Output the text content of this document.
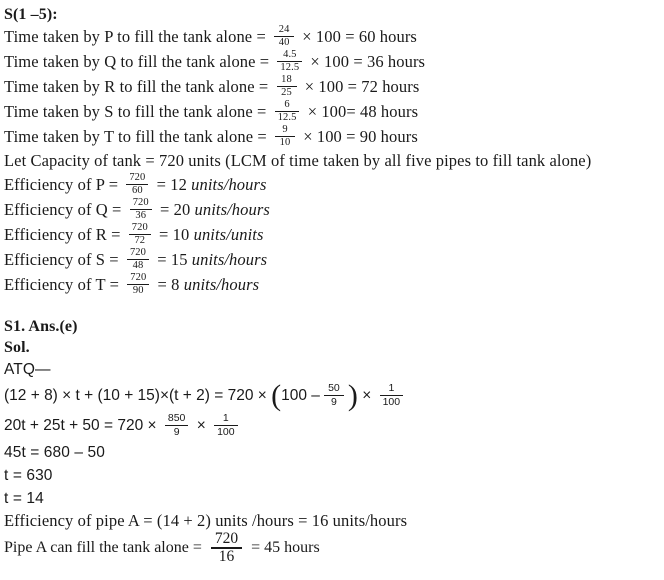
S(1 –5):
Time taken by P to fill the tank alone = $\frac{24}{40} \times 100 = 60$ hours
Time taken by Q to fill the tank alone = $\frac{4.5}{12.5} \times 100 = 36$ hours
Time taken by R to fill the tank alone = $\frac{18}{25} \times 100 = 72$ hours
Time taken by S to fill the tank alone = $\frac{6}{12.5} \times 100= 48$ hours
Time taken by T to fill the tank alone = $\frac{9}{10} \times 100 = 90$ hours
Let Capacity of tank = 720 units (LCM of time taken by all five pipes to fill tank alone)
Efficiency of $P = \frac{720}{60} = 12$ units/hours
Efficiency of $Q = \frac{720}{36} = 20$ units/hours
Efficiency of $R = \frac{720}{72} = 10$ units/units
Efficiency of $S = \frac{720}{48} = 15$ units/hours
Efficiency of $T = \frac{720}{90} = 8$ units/hours
S1. Ans.(e)
Sol.
ATQ—
(12 + 8) × t + (10 + 15)×(t + 2) = 720 × ( $100 - \frac{50}{9}$ ) × $\frac{1}{100}$
$20t + 25t + 50 = 720 \times \frac{850}{9} \times \frac{1}{100}$
45t = 680 – 50
t = 630
t = 14
Efficiency of pipe A = (14 + 2) units /hours = 16 units/hours
Pipe A can fill the tank alone = $\frac{720}{16} = 45$ hours
